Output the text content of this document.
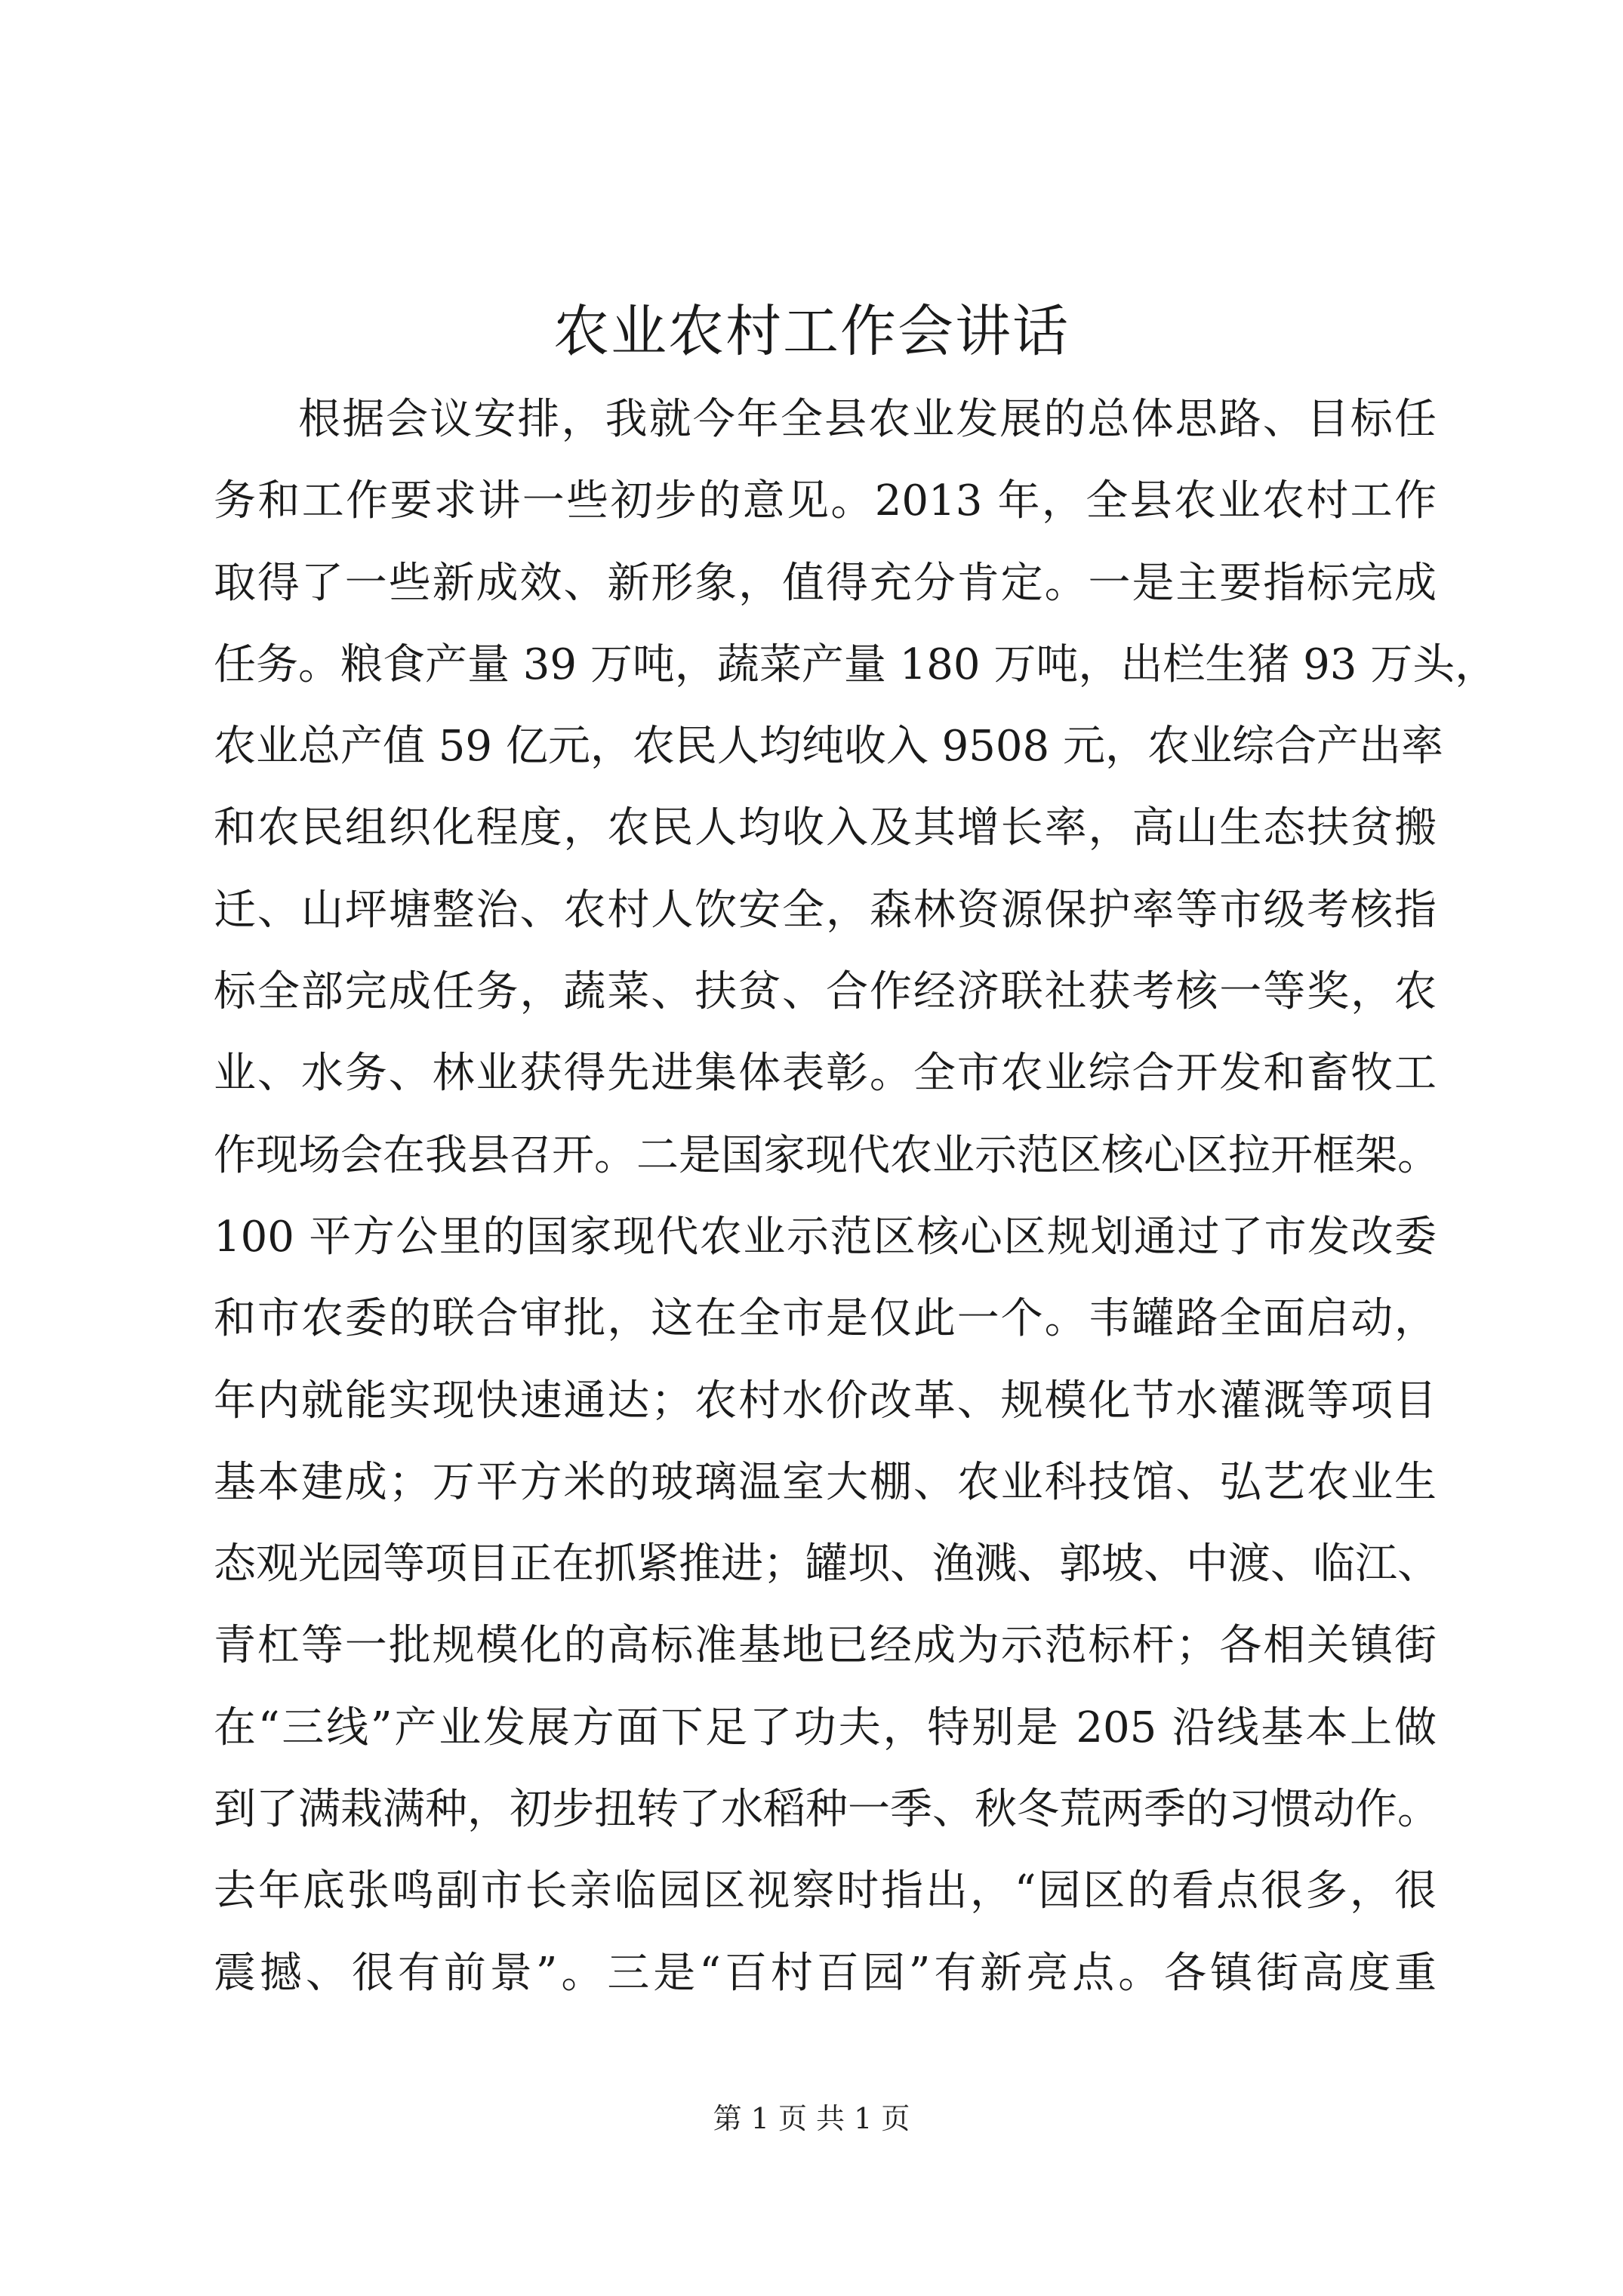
农业农村工作会讲话
根据会议安排，我就今年全县农业发展的总体思路、目标任
务和工作要求讲一些初步的意见。2013 年，全县农业农村工作
取得了一些新成效、新形象，值得充分肯定。一是主要指标完成
任务。粮食产量 39 万吨，蔬菜产量 180 万吨，出栏生猪 93 万头，
农业总产值 59 亿元，农民人均纯收入 9508 元，农业综合产出率
和农民组织化程度，农民人均收入及其增长率，高山生态扶贫搬
迁、山坪塘整治、农村人饮安全，森林资源保护率等市级考核指
标全部完成任务，蔬菜、扶贫、合作经济联社获考核一等奖，农
业、水务、林业获得先进集体表彰。全市农业综合开发和畜牧工
作现场会在我县召开。二是国家现代农业示范区核心区拉开框架。
100 平方公里的国家现代农业示范区核心区规划通过了市发改委
和市农委的联合审批，这在全市是仅此一个。韦罐路全面启动，
年内就能实现快速通达；农村水价改革、规模化节水灌溉等项目
基本建成；万平方米的玻璃温室大棚、农业科技馆、弘艺农业生
态观光园等项目正在抓紧推进；罐坝、渔溅、郭坡、中渡、临江、
青杠等一批规模化的高标准基地已经成为示范标杆；各相关镇街
在“三线”产业发展方面下足了功夫，特别是 205 沿线基本上做
到了满栽满种，初步扭转了水稻种一季、秋冬荒两季的习惯动作。
去年底张鸣副市长亲临园区视察时指出，“园区的看点很多，很
震撼、很有前景”。三是“百村百园”有新亮点。各镇街高度重
第 1 页 共 1 页
